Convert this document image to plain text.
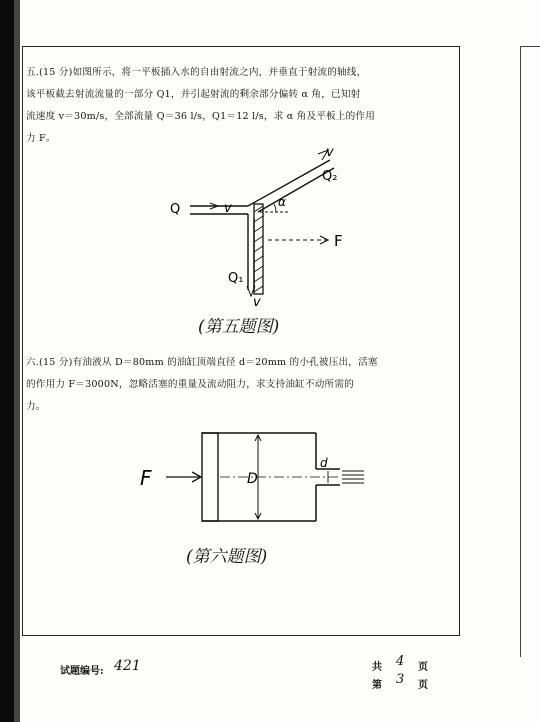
五.(15 分)如图所示，将一平板插入水的自由射流之内，并垂直于射流的轴线，
该平板截去射流流量的一部分 Q1，并引起射流的剩余部分偏转 α 角，已知射
流速度 v＝30m/s，全部流量 Q＝36 l/s，Q1＝12 l/s，求 α 角及平板上的作用
力 F。
Q	v
v
Q₂
α
F
Q₁
v
(第五题图)
六.(15 分)有油液从 D＝80mm 的油缸顶端直径 d＝20mm 的小孔被压出，活塞
的作用力 F＝3000N，忽略活塞的重量及流动阻力，求支持油缸不动所需的
力。
F	D
d
(第六题图)
试题编号: 421	共 4 页
第 3 页
